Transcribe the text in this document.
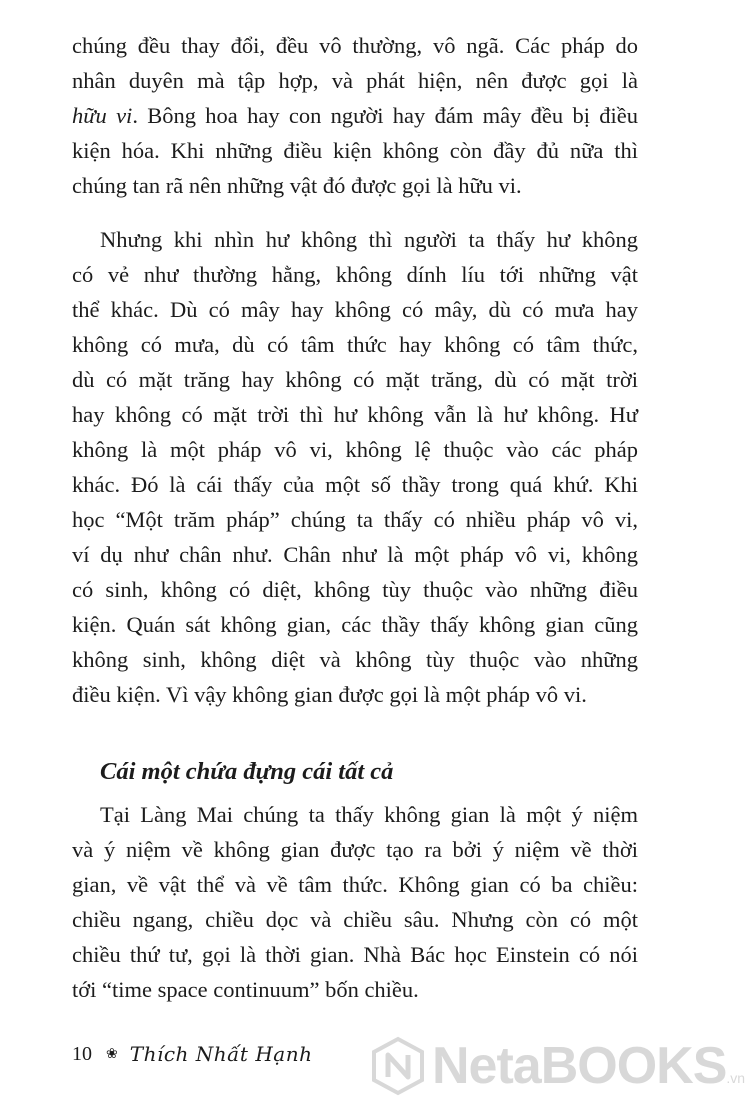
chúng đều thay đổi, đều vô thường, vô ngã. Các pháp do
nhân duyên mà tập hợp, và phát hiện, nên được gọi là
hữu vi. Bông hoa hay con người hay đám mây đều bị điều
kiện hóa. Khi những điều kiện không còn đầy đủ nữa thì
chúng tan rã nên những vật đó được gọi là hữu vi.
Nhưng khi nhìn hư không thì người ta thấy hư không
có vẻ như thường hằng, không dính líu tới những vật
thể khác. Dù có mây hay không có mây, dù có mưa hay
không có mưa, dù có tâm thức hay không có tâm thức,
dù có mặt trăng hay không có mặt trăng, dù có mặt trời
hay không có mặt trời thì hư không vẫn là hư không. Hư
không là một pháp vô vi, không lệ thuộc vào các pháp
khác. Đó là cái thấy của một số thầy trong quá khứ. Khi
học “Một trăm pháp” chúng ta thấy có nhiều pháp vô vi,
ví dụ như chân như. Chân như là một pháp vô vi, không
có sinh, không có diệt, không tùy thuộc vào những điều
kiện. Quán sát không gian, các thầy thấy không gian cũng
không sinh, không diệt và không tùy thuộc vào những
điều kiện. Vì vậy không gian được gọi là một pháp vô vi.
Cái một chứa đựng cái tất cả
Tại Làng Mai chúng ta thấy không gian là một ý niệm
và ý niệm về không gian được tạo ra bởi ý niệm về thời
gian, về vật thể và về tâm thức. Không gian có ba chiều:
chiều ngang, chiều dọc và chiều sâu. Nhưng còn có một
chiều thứ tư, gọi là thời gian. Nhà Bác học Einstein có nói
tới “time space continuum” bốn chiều.
10 ❀ Thích Nhất Hạnh NetaBOOKS .vn
